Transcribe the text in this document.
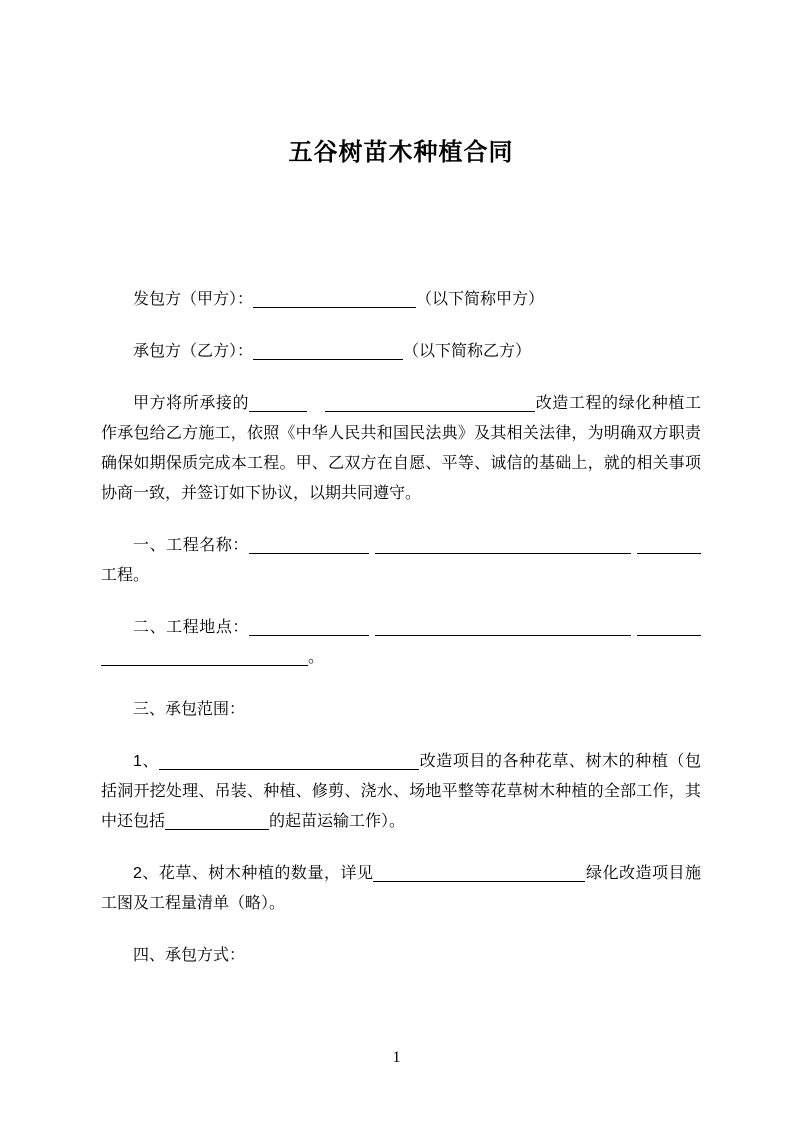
五谷树苗木种植合同

发包方（甲方）：	（以下简称甲方）

承包方（乙方）：	（以下简称乙方）

甲方将所承接的	改造工程的绿化种植工作承包给乙方施工，依照《中华人民共和国民法典》及其相关法律，为明确双方职责确保如期保质完成本工程。甲、乙双方在自愿、平等、诚信的基础上，就的相关事项协商一致，并签订如下协议，以期共同遵守。

一、工程名称：工程。

二、工程地点：。

三、承包范围：

1、	改造项目的各种花草、树木的种植（包括洞开挖处理、吊装、种植、修剪、浇水、场地平整等花草树木种植的全部工作，其中还包括	的起苗运输工作）。

2、花草、树木种植的数量，详见	绿化改造项目施工图及工程量清单（略）。

四、承包方式：

1
